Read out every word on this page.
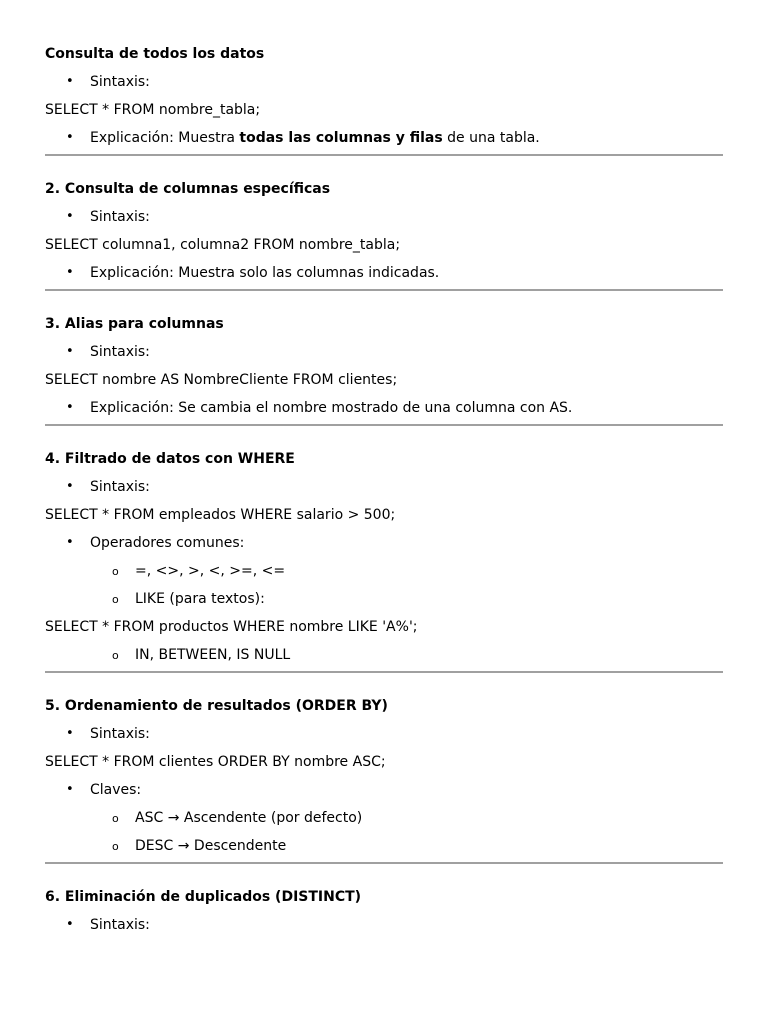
Consulta de todos los datos
• Sintaxis:
SELECT * FROM nombre_tabla;
• Explicación: Muestra todas las columnas y filas de una tabla.
2. Consulta de columnas específicas
• Sintaxis:
SELECT columna1, columna2 FROM nombre_tabla;
• Explicación: Muestra solo las columnas indicadas.
3. Alias para columnas
• Sintaxis:
SELECT nombre AS NombreCliente FROM clientes;
• Explicación: Se cambia el nombre mostrado de una columna con AS.
4. Filtrado de datos con WHERE
• Sintaxis:
SELECT * FROM empleados WHERE salario > 500;
• Operadores comunes:
o =, <>, >, <, >=, <=
o LIKE (para textos):
SELECT * FROM productos WHERE nombre LIKE 'A%';
o IN, BETWEEN, IS NULL
5. Ordenamiento de resultados (ORDER BY)
• Sintaxis:
SELECT * FROM clientes ORDER BY nombre ASC;
• Claves:
o ASC → Ascendente (por defecto)
o DESC → Descendente
6. Eliminación de duplicados (DISTINCT)
• Sintaxis:
